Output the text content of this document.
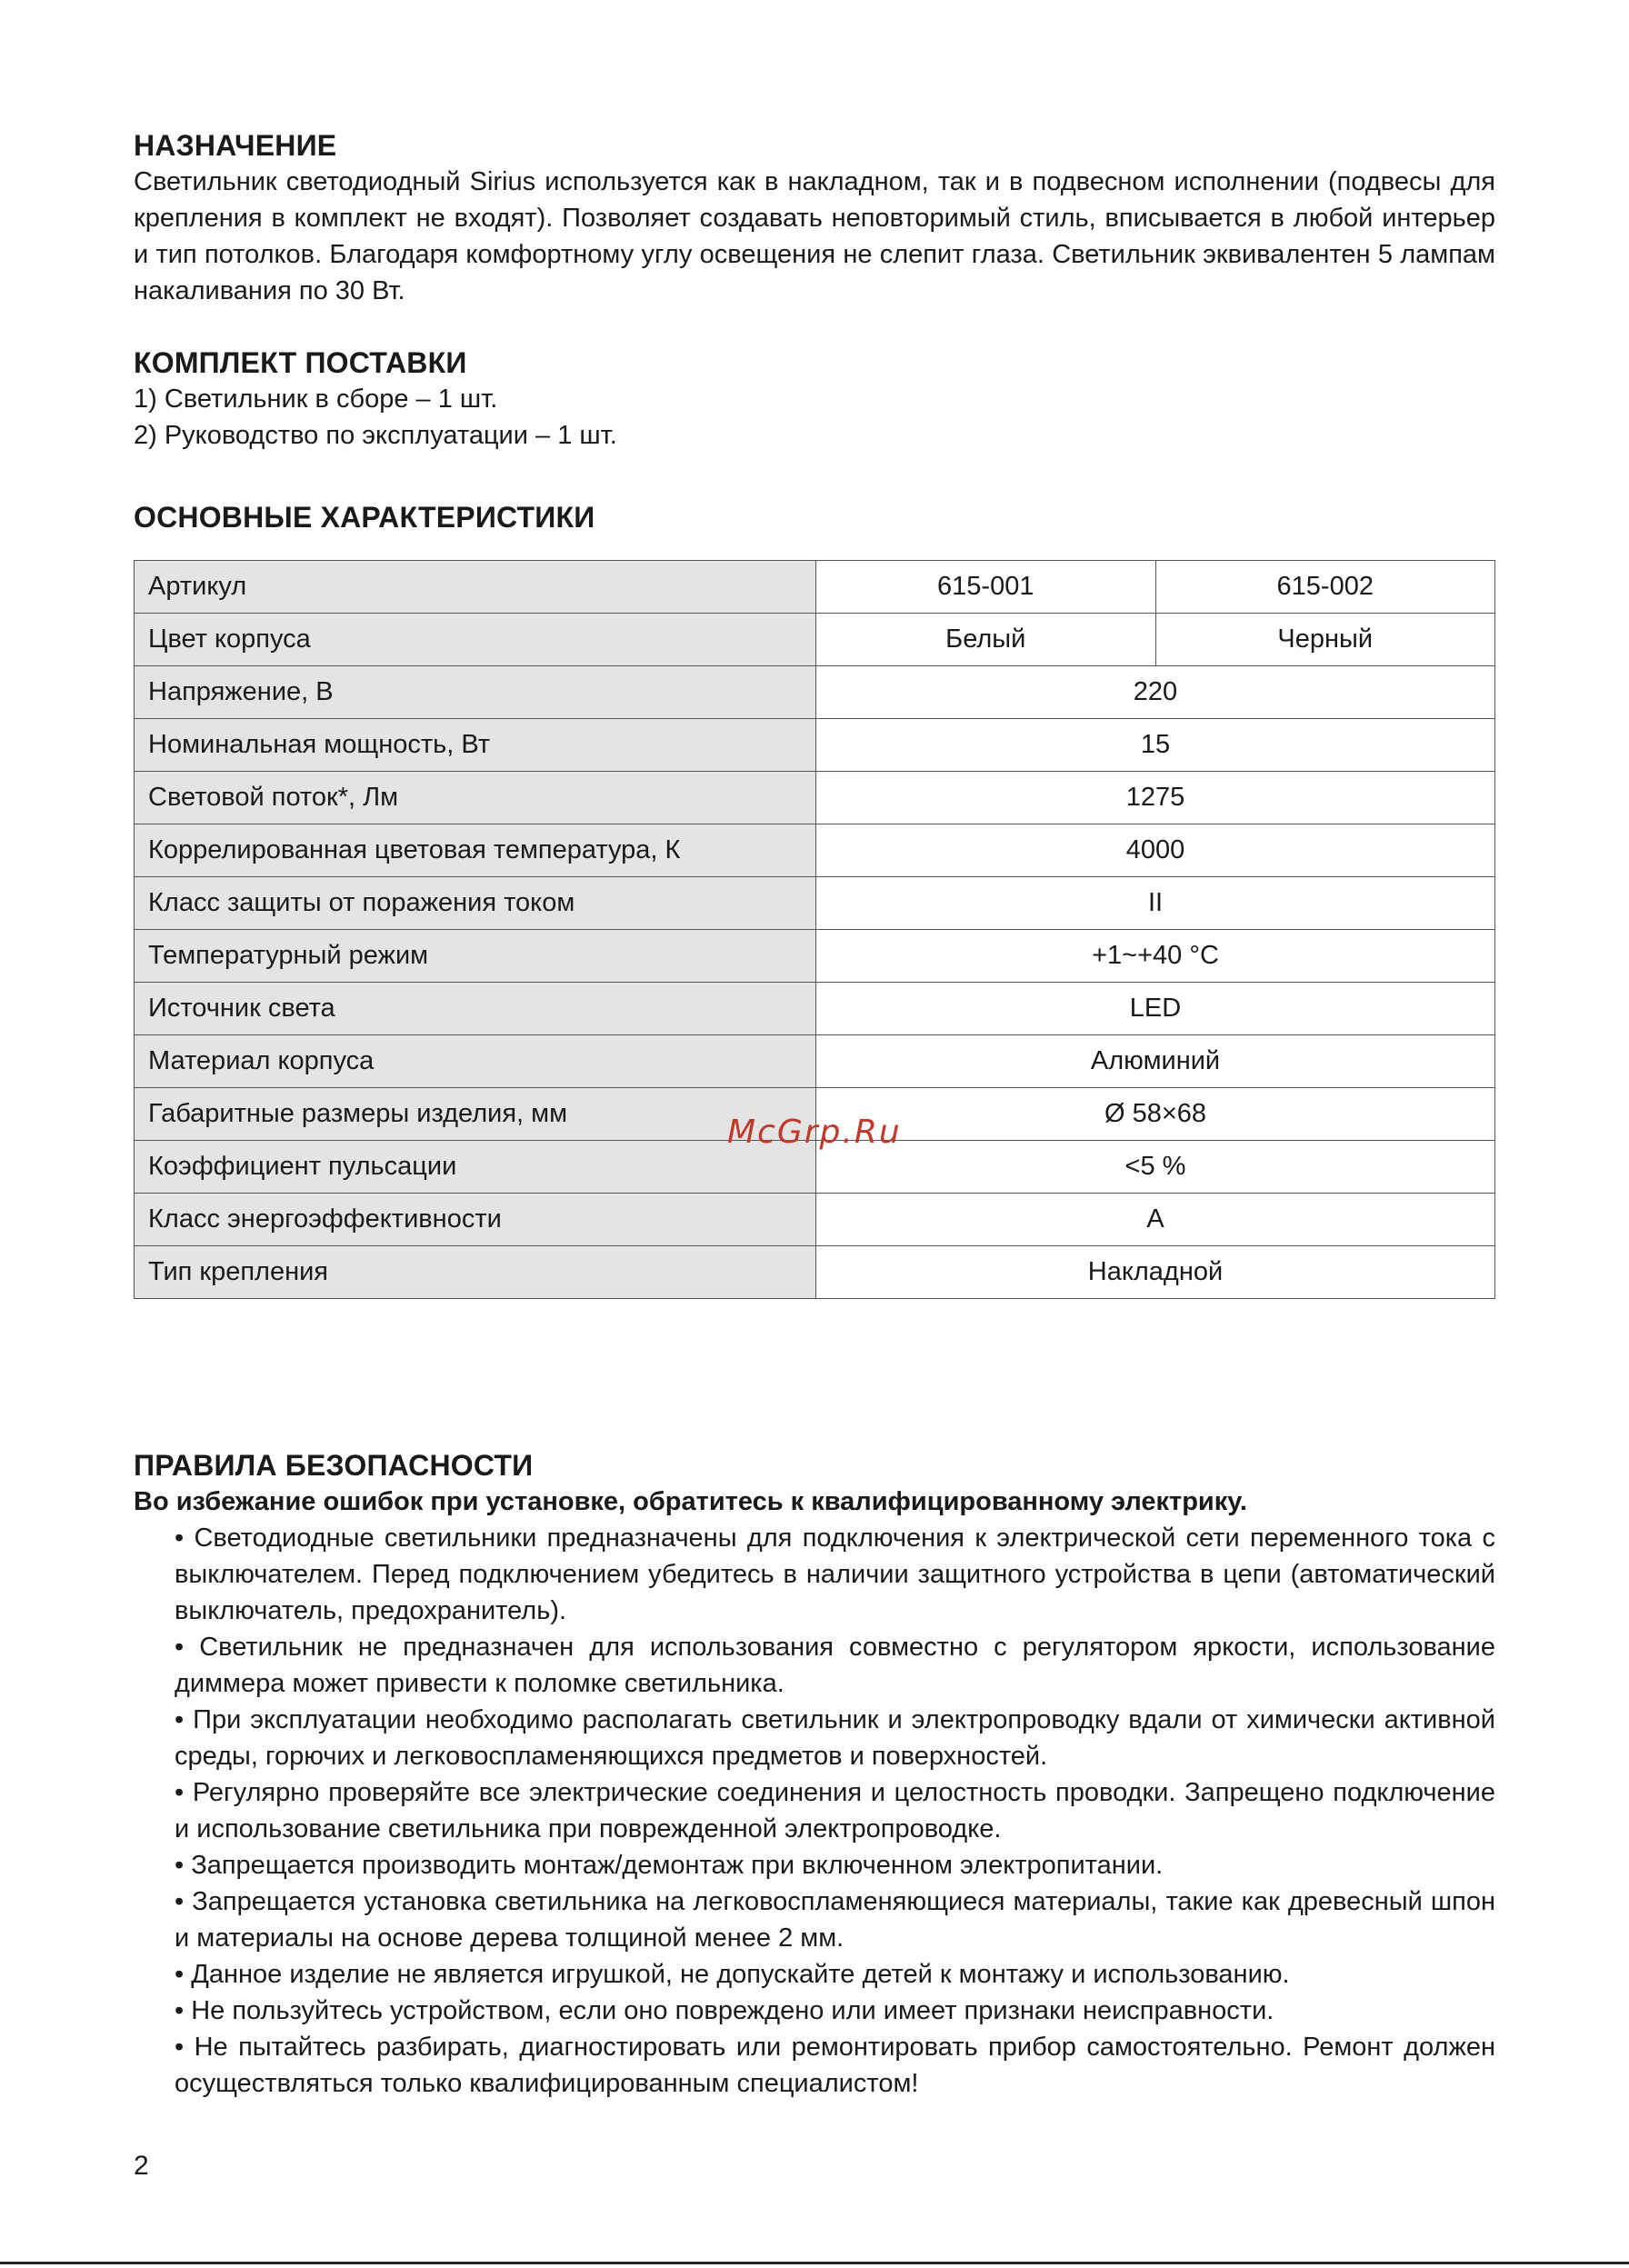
НАЗНАЧЕНИЕ

Светильник светодиодный Sirius используется как в накладном, так и в подвесном исполнении (подвесы для крепления в комплект не входят). Позволяет создавать неповторимый стиль, вписывается в любой интерьер и тип потолков. Благодаря комфортному углу освещения не слепит глаза. Светильник эквивалентен 5 лампам накаливания по 30 Вт.

КОМПЛЕКТ ПОСТАВКИ

1) Светильник в сборе – 1 шт.

2) Руководство по эксплуатации – 1 шт.

ОСНОВНЫЕ ХАРАКТЕРИСТИКИ
Артикул	615-001	615-002
Цвет корпуса	Белый	Черный
Напряжение, В	220	
Номинальная мощность, Вт	15	
Световой поток*, Лм	1275	
Коррелированная цветовая температура, К	4000	
Класс защиты от поражения током	II	
Температурный режим	+1~+40 °С	
Источник света	LED	
Материал корпуса	Алюминий	
Габаритные размеры изделия, мм	Ø 58×68	
Коэффициент пульсации	<5 %	
Класс энергоэффективности	А	
Тип крепления	Накладной	
ПРАВИЛА БЕЗОПАСНОСТИ

Во избежание ошибок при установке, обратитесь к квалифицированному электрику.

• Светодиодные светильники предназначены для подключения к электрической сети переменного тока с выключателем. Перед подключением убедитесь в наличии защитного устройства в цепи (автоматический выключатель, предохранитель).

• Светильник не предназначен для использования совместно с регулятором яркости, использование диммера может привести к поломке светильника.

• При эксплуатации необходимо располагать светильник и электропроводку вдали от химически активной среды, горючих и легковоспламеняющихся предметов и поверхностей.

• Регулярно проверяйте все электрические соединения и целостность проводки. Запрещено подключение и использование светильника при поврежденной электропроводке.

• Запрещается производить монтаж/демонтаж при включенном электропитании.

• Запрещается установка светильника на легковоспламеняющиеся материалы, такие как древесный шпон и материалы на основе дерева толщиной менее 2 мм.

• Данное изделие не является игрушкой, не допускайте детей к монтажу и использованию.

• Не пользуйтесь устройством, если оно повреждено или имеет признаки неисправности.

• Не пытайтесь разбирать, диагностировать или ремонтировать прибор самостоятельно. Ремонт должен осуществляться только квалифицированным специалистом!

McGrp.Ru
2
